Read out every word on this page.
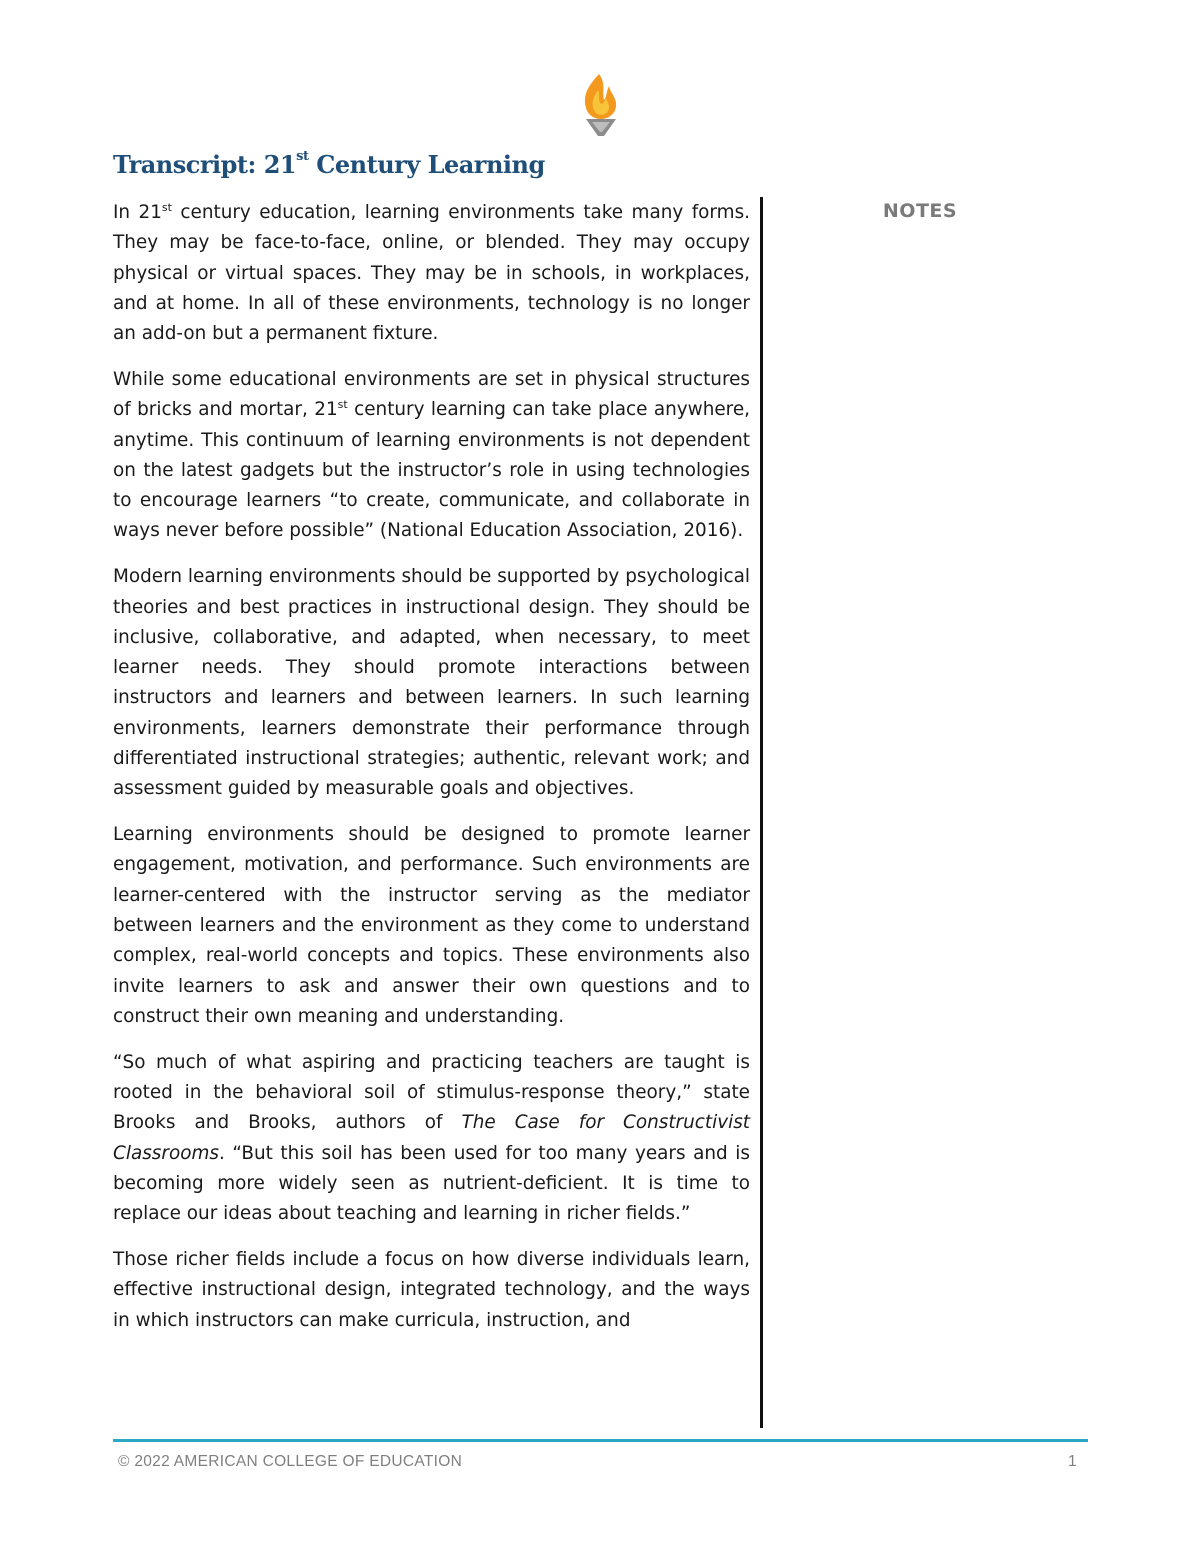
Transcript: 21st Century Learning

In 21st century education, learning environments take many forms. They may be face-to-face, online, or blended. They may occupy physical or virtual spaces. They may be in schools, in workplaces, and at home. In all of these environments, technology is no longer an add-on but a permanent fixture.

While some educational environments are set in physical structures of bricks and mortar, 21st century learning can take place anywhere, anytime. This continuum of learning environments is not dependent on the latest gadgets but the instructor’s role in using technologies to encourage learners “to create, communicate, and collaborate in ways never before possible” (National Education Association, 2016).

Modern learning environments should be supported by psychological theories and best practices in instructional design. They should be inclusive, collaborative, and adapted, when necessary, to meet learner needs. They should promote interactions between instructors and learners and between learners. In such learning environments, learners demonstrate their performance through differentiated instructional strategies; authentic, relevant work; and assessment guided by measurable goals and objectives.

Learning environments should be designed to promote learner engagement, motivation, and performance. Such environments are learner-centered with the instructor serving as the mediator between learners and the environment as they come to understand complex, real-world concepts and topics. These environments also invite learners to ask and answer their own questions and to construct their own meaning and understanding.

“So much of what aspiring and practicing teachers are taught is rooted in the behavioral soil of stimulus-response theory,” state Brooks and Brooks, authors of The Case for Constructivist Classrooms. “But this soil has been used for too many years and is becoming more widely seen as nutrient-deficient. It is time to replace our ideas about teaching and learning in richer fields.”

Those richer fields include a focus on how diverse individuals learn, effective instructional design, integrated technology, and the ways in which instructors can make curricula, instruction, and

NOTES
© 2022 AMERICAN COLLEGE OF EDUCATION	1
